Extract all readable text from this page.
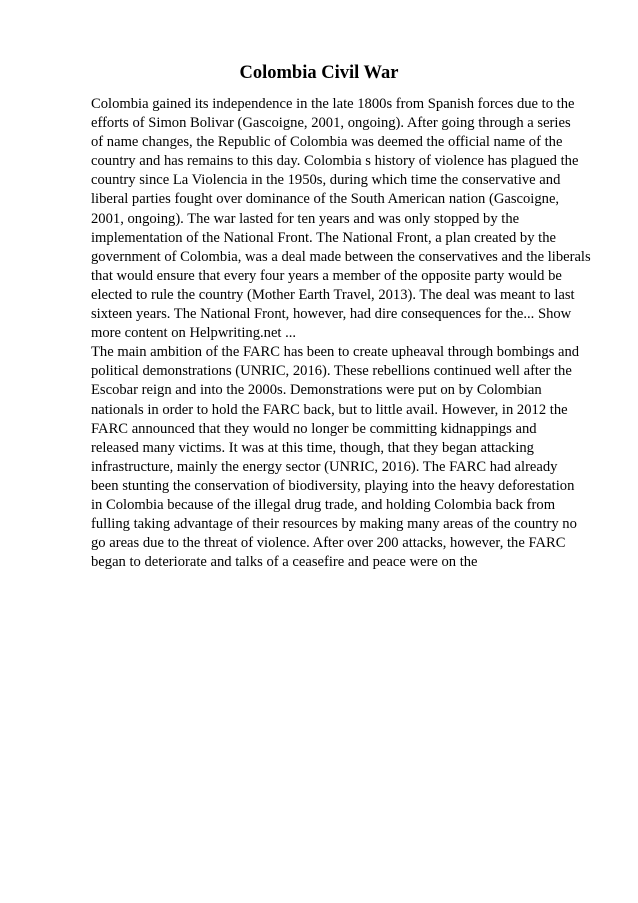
Colombia Civil War
Colombia gained its independence in the late 1800s from Spanish forces due to the
efforts of Simon Bolivar (Gascoigne, 2001, ongoing). After going through a series
of name changes, the Republic of Colombia was deemed the official name of the
country and has remains to this day. Colombia s history of violence has plagued the
country since La Violencia in the 1950s, during which time the conservative and
liberal parties fought over dominance of the South American nation (Gascoigne,
2001, ongoing). The war lasted for ten years and was only stopped by the
implementation of the National Front. The National Front, a plan created by the
government of Colombia, was a deal made between the conservatives and the liberals
that would ensure that every four years a member of the opposite party would be
elected to rule the country (Mother Earth Travel, 2013). The deal was meant to last
sixteen years. The National Front, however, had dire consequences for the... Show
more content on Helpwriting.net ...
The main ambition of the FARC has been to create upheaval through bombings and
political demonstrations (UNRIC, 2016). These rebellions continued well after the
Escobar reign and into the 2000s. Demonstrations were put on by Colombian
nationals in order to hold the FARC back, but to little avail. However, in 2012 the
FARC announced that they would no longer be committing kidnappings and
released many victims. It was at this time, though, that they began attacking
infrastructure, mainly the energy sector (UNRIC, 2016). The FARC had already
been stunting the conservation of biodiversity, playing into the heavy deforestation
in Colombia because of the illegal drug trade, and holding Colombia back from
fulling taking advantage of their resources by making many areas of the country no
go areas due to the threat of violence. After over 200 attacks, however, the FARC
began to deteriorate and talks of a ceasefire and peace were on the
